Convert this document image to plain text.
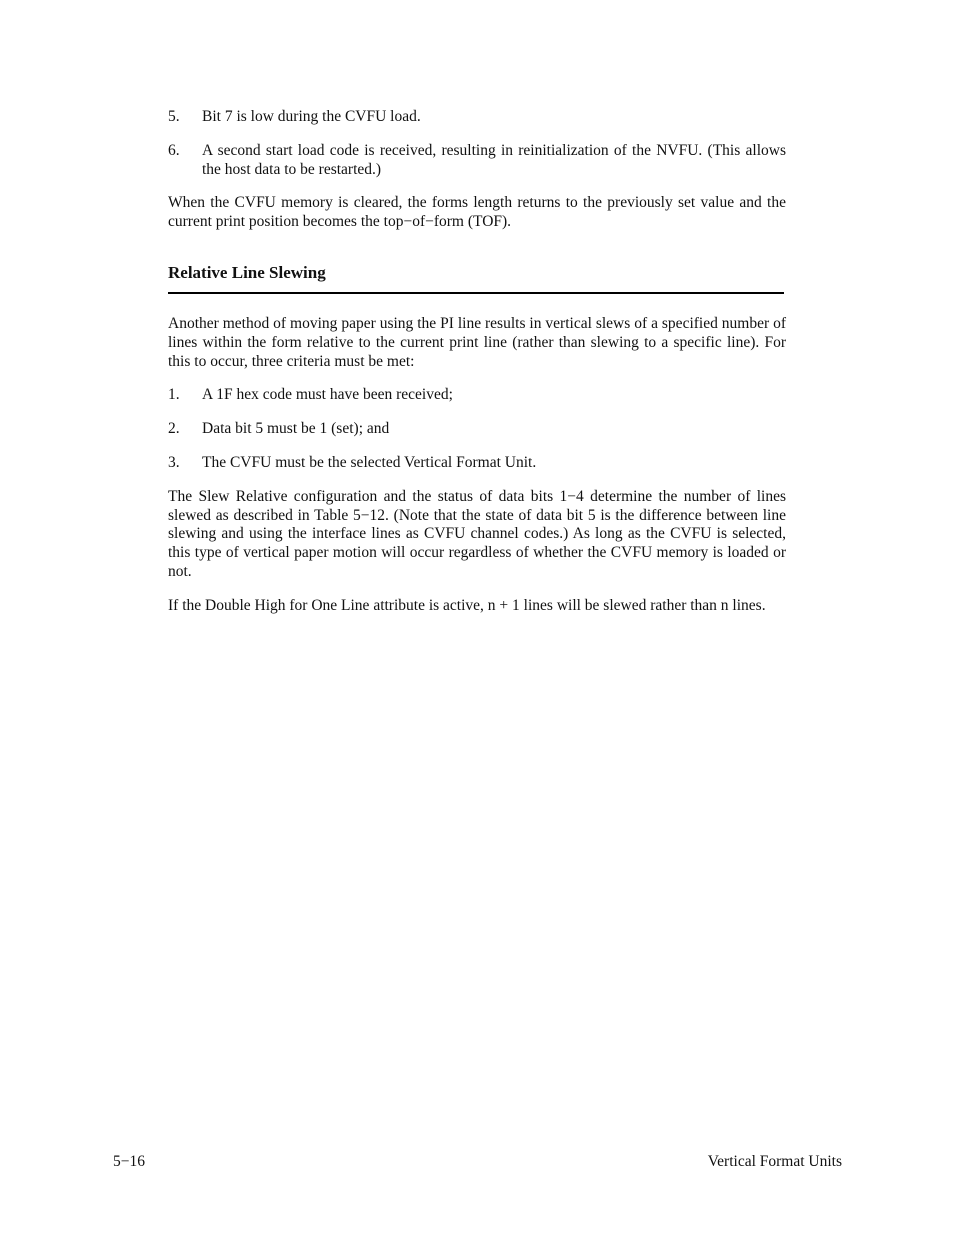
5. Bit 7 is low during the CVFU load.
6. A second start load code is received, resulting in reinitialization of the NVFU. (This allows the host data to be restarted.)

When the CVFU memory is cleared, the forms length returns to the previously set value and the current print position becomes the top−of−form (TOF).

Relative Line Slewing

Another method of moving paper using the PI line results in vertical slews of a specified number of lines within the form relative to the current print line (rather than slewing to a specific line). For this to occur, three criteria must be met:

1. A 1F hex code must have been received;
2. Data bit 5 must be 1 (set); and
3. The CVFU must be the selected Vertical Format Unit.

The Slew Relative configuration and the status of data bits 1−4 determine the number of lines slewed as described in Table 5−12. (Note that the state of data bit 5 is the difference between line slewing and using the interface lines as CVFU channel codes.) As long as the CVFU is selected, this type of vertical paper motion will occur regardless of whether the CVFU memory is loaded or not.

If the Double High for One Line attribute is active, n + 1 lines will be slewed rather than n lines.

5−16	Vertical Format Units
